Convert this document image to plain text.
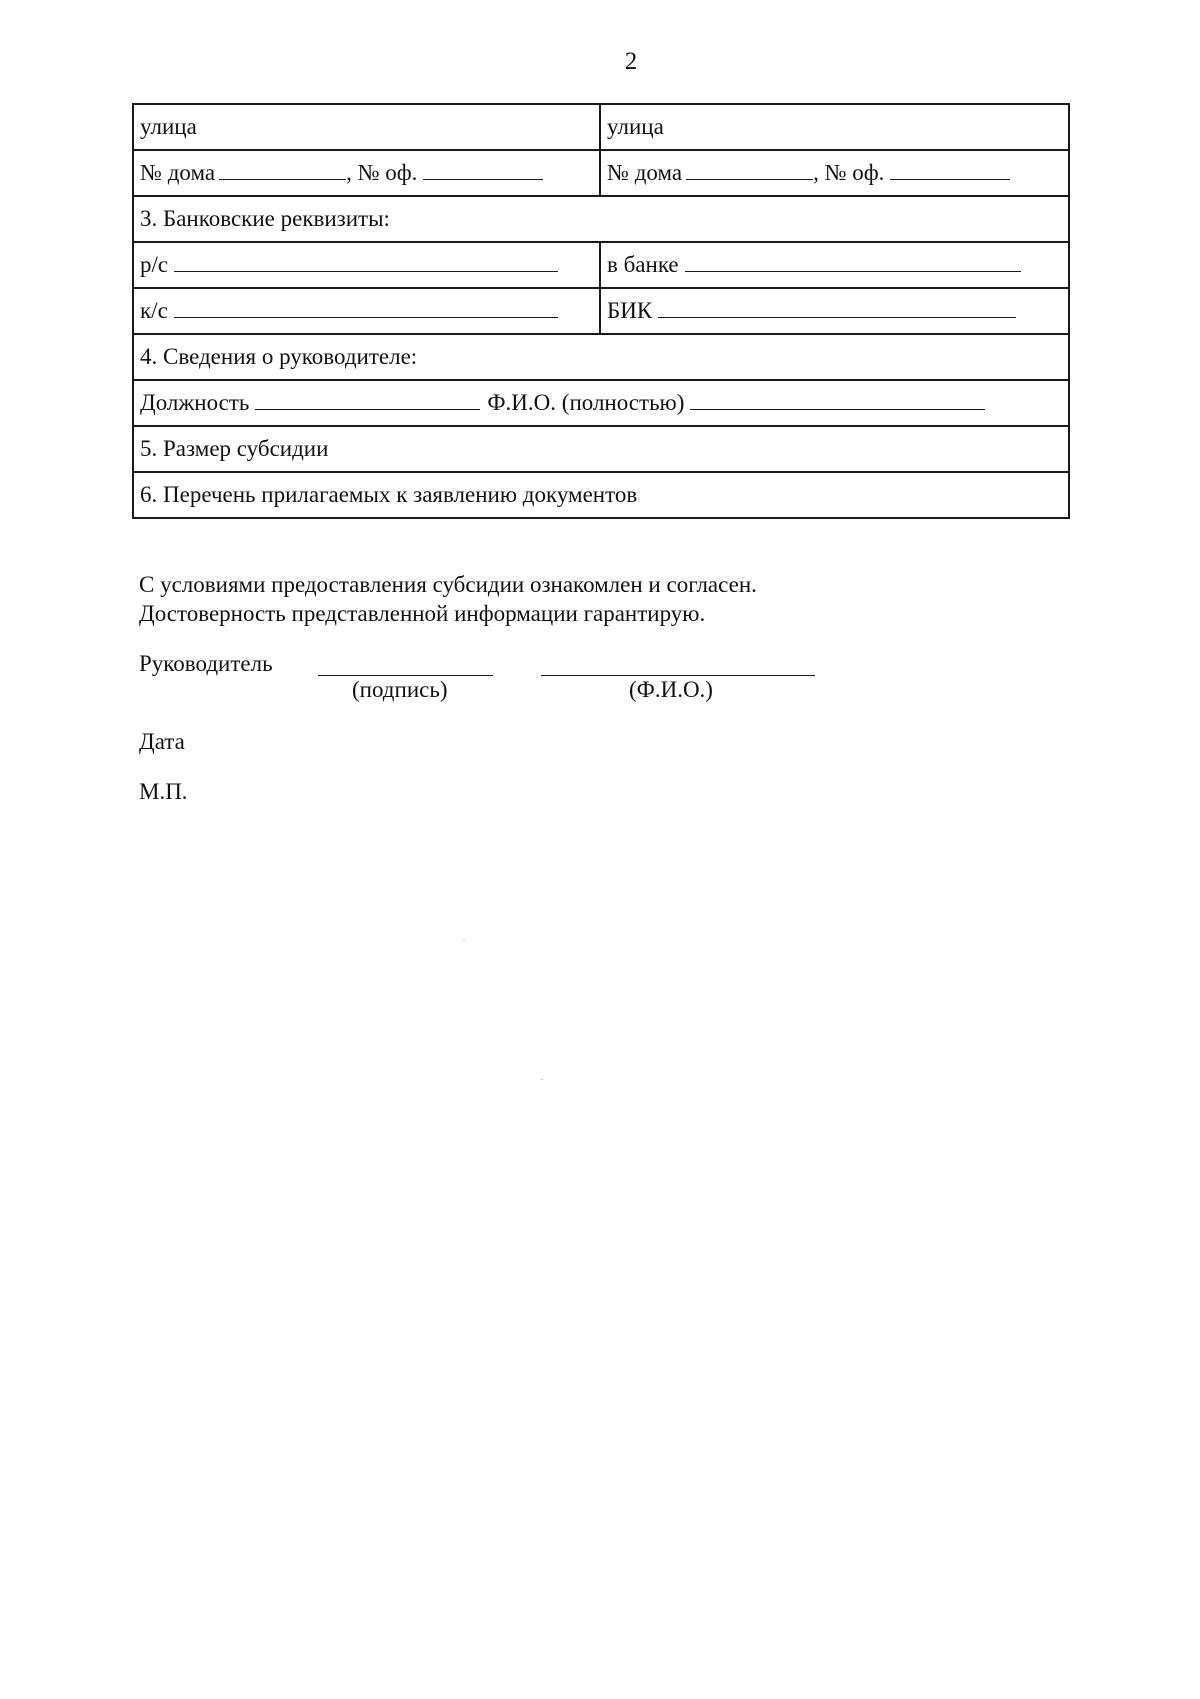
2
улица	улица
№ дома , № оф.	№ дома , № оф.
3. Банковские реквизиты:	
р/с	в банке
к/с	БИК
4. Сведения о руководителе:	
Должность Ф.И.О. (полностью)	
5. Размер субсидии	
6. Перечень прилагаемых к заявлению документов	
С условиями предоставления субсидии ознакомлен и согласен.
Достоверность представленной информации гарантирую.
Руководитель
(подпись)	(Ф.И.О.)
Дата
М.П.
